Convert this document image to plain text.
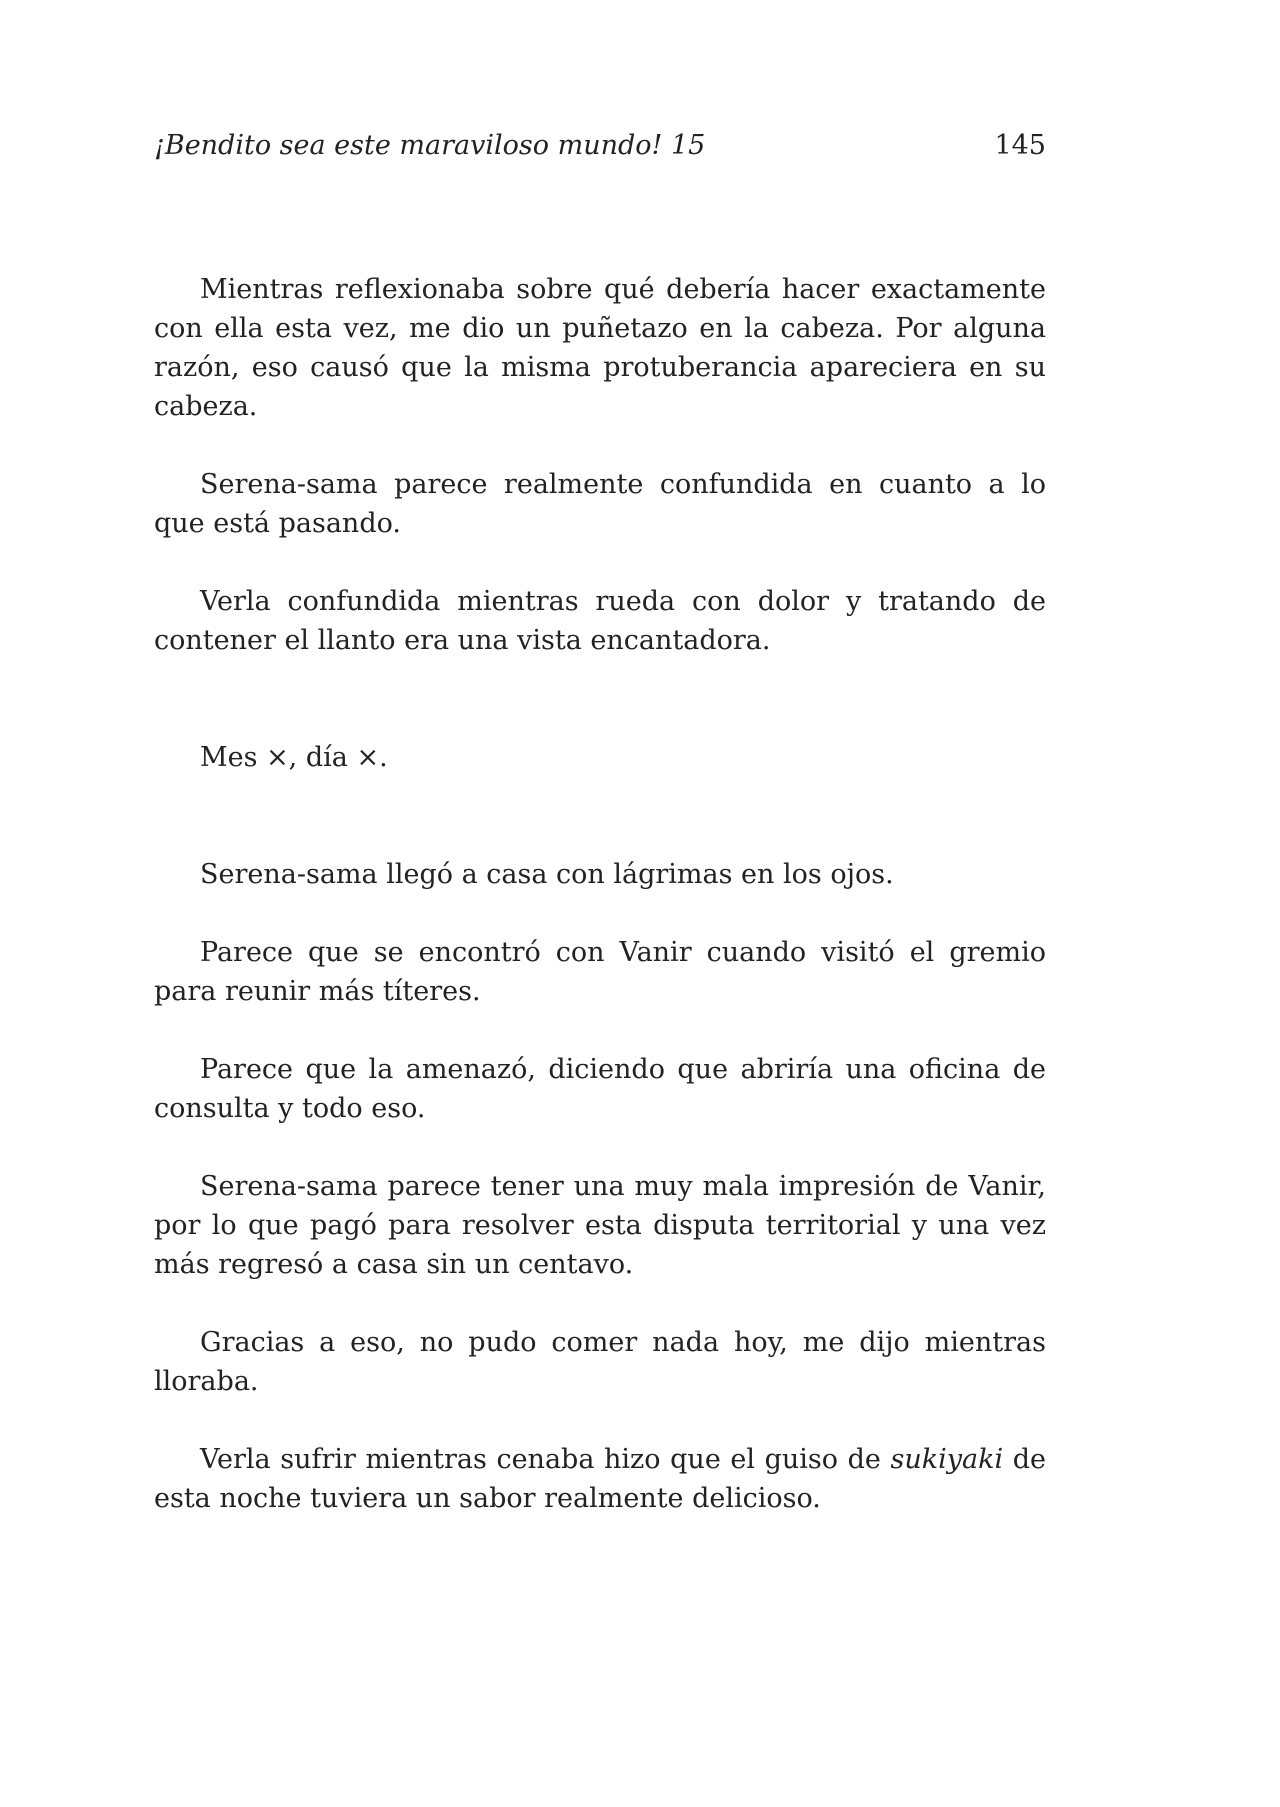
¡Bendito sea este maraviloso mundo! 15	145

Mientras reflexionaba sobre qué debería hacer exactamente con ella esta vez, me dio un puñetazo en la cabeza. Por alguna razón, eso causó que la misma protuberancia apareciera en su cabeza.

Serena-sama parece realmente confundida en cuanto a lo que está pasando.

Verla confundida mientras rueda con dolor y tratando de contener el llanto era una vista encantadora.

Mes ×, día ×.

Serena-sama llegó a casa con lágrimas en los ojos.

Parece que se encontró con Vanir cuando visitó el gremio para reunir más títeres.

Parece que la amenazó, diciendo que abriría una oficina de consulta y todo eso.

Serena-sama parece tener una muy mala impresión de Vanir, por lo que pagó para resolver esta disputa territorial y una vez más regresó a casa sin un centavo.

Gracias a eso, no pudo comer nada hoy, me dijo mientras lloraba.

Verla sufrir mientras cenaba hizo que el guiso de sukiyaki de esta noche tuviera un sabor realmente delicioso.
